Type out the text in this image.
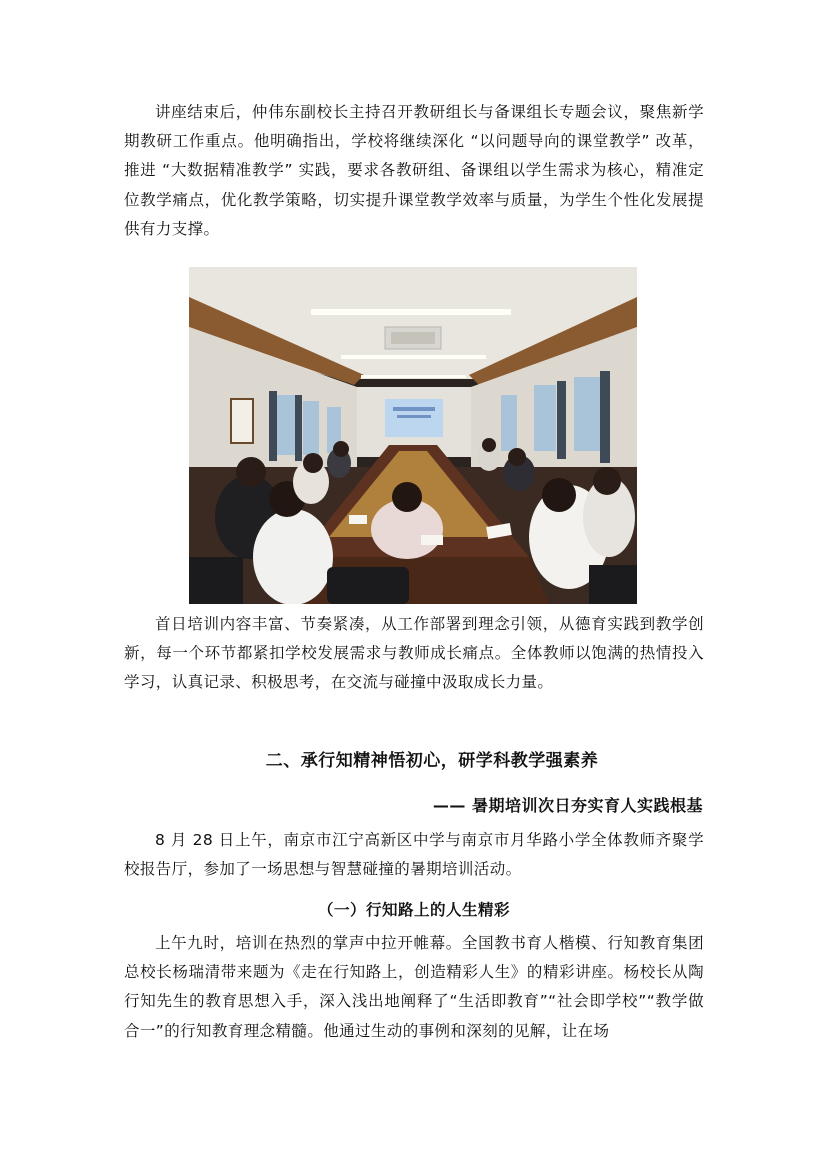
讲座结束后，仲伟东副校长主持召开教研组长与备课组长专题会议，聚焦新学期教研工作重点。他明确指出，学校将继续深化 “以问题导向的课堂教学” 改革，推进 “大数据精准教学” 实践，要求各教研组、备课组以学生需求为核心，精准定位教学痛点，优化教学策略，切实提升课堂教学效率与质量，为学生个性化发展提供有力支撑。

首日培训内容丰富、节奏紧凑，从工作部署到理念引领，从德育实践到教学创新，每一个环节都紧扣学校发展需求与教师成长痛点。全体教师以饱满的热情投入学习，认真记录、积极思考，在交流与碰撞中汲取成长力量。

二、承行知精神悟初心，研学科教学强素养

—— 暑期培训次日夯实育人实践根基

8 月 28 日上午，南京市江宁高新区中学与南京市月华路小学全体教师齐聚学校报告厅，参加了一场思想与智慧碰撞的暑期培训活动。

（一）行知路上的人生精彩

上午九时，培训在热烈的掌声中拉开帷幕。全国教书育人楷模、行知教育集团总校长杨瑞清带来题为《走在行知路上，创造精彩人生》的精彩讲座。杨校长从陶行知先生的教育思想入手，深入浅出地阐释了“生活即教育”“社会即学校”“教学做合一”的行知教育理念精髓。他通过生动的事例和深刻的见解，让在场
